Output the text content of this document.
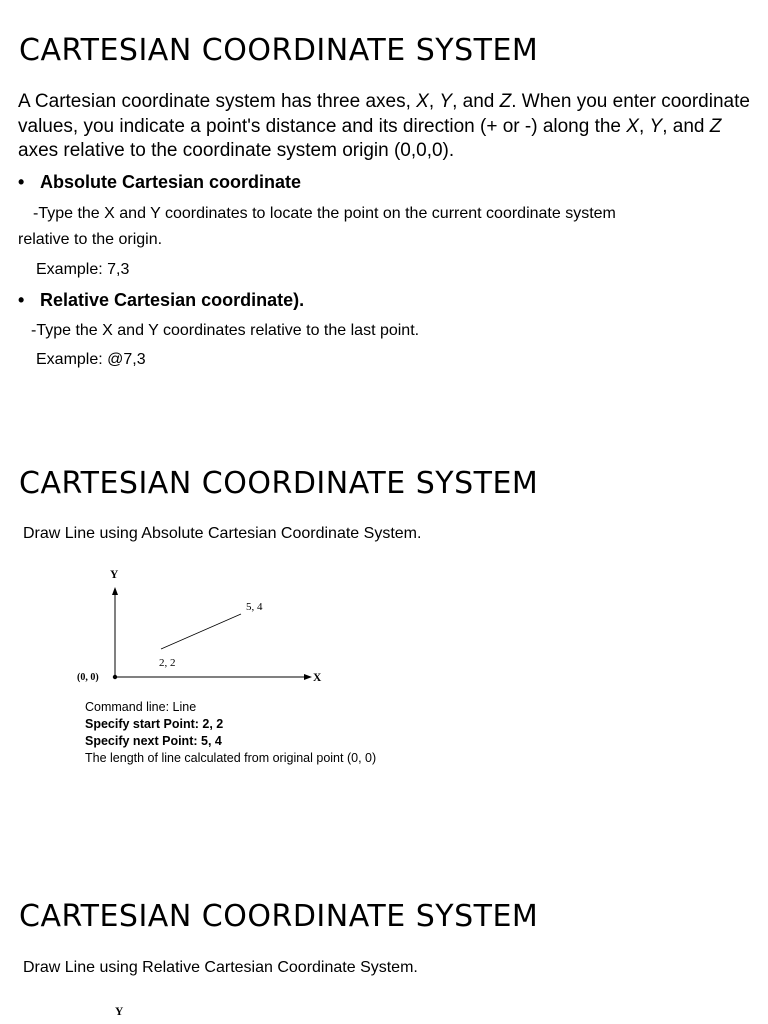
CARTESIAN COORDINATE SYSTEM

A Cartesian coordinate system has three axes, X, Y, and Z. When you enter coordinate values, you indicate a point's distance and its direction (+ or -) along the X, Y, and Z axes relative to the coordinate system origin (0,0,0).

• Absolute Cartesian coordinate
-Type the X and Y coordinates to locate the point on the current coordinate system
relative to the origin.
Example: 7,3
• Relative Cartesian coordinate).
-Type the X and Y coordinates relative to the last point.
Example: @7,3
CARTESIAN COORDINATE SYSTEM
Draw Line using Absolute Cartesian Coordinate System.
Y
X
(0, 0)
2, 2
5, 4
Command line: Line
Specify start Point: 2, 2
Specify next Point: 5, 4
The length of line calculated from original point (0, 0)
CARTESIAN COORDINATE SYSTEM
Draw Line using Relative Cartesian Coordinate System.
Y
